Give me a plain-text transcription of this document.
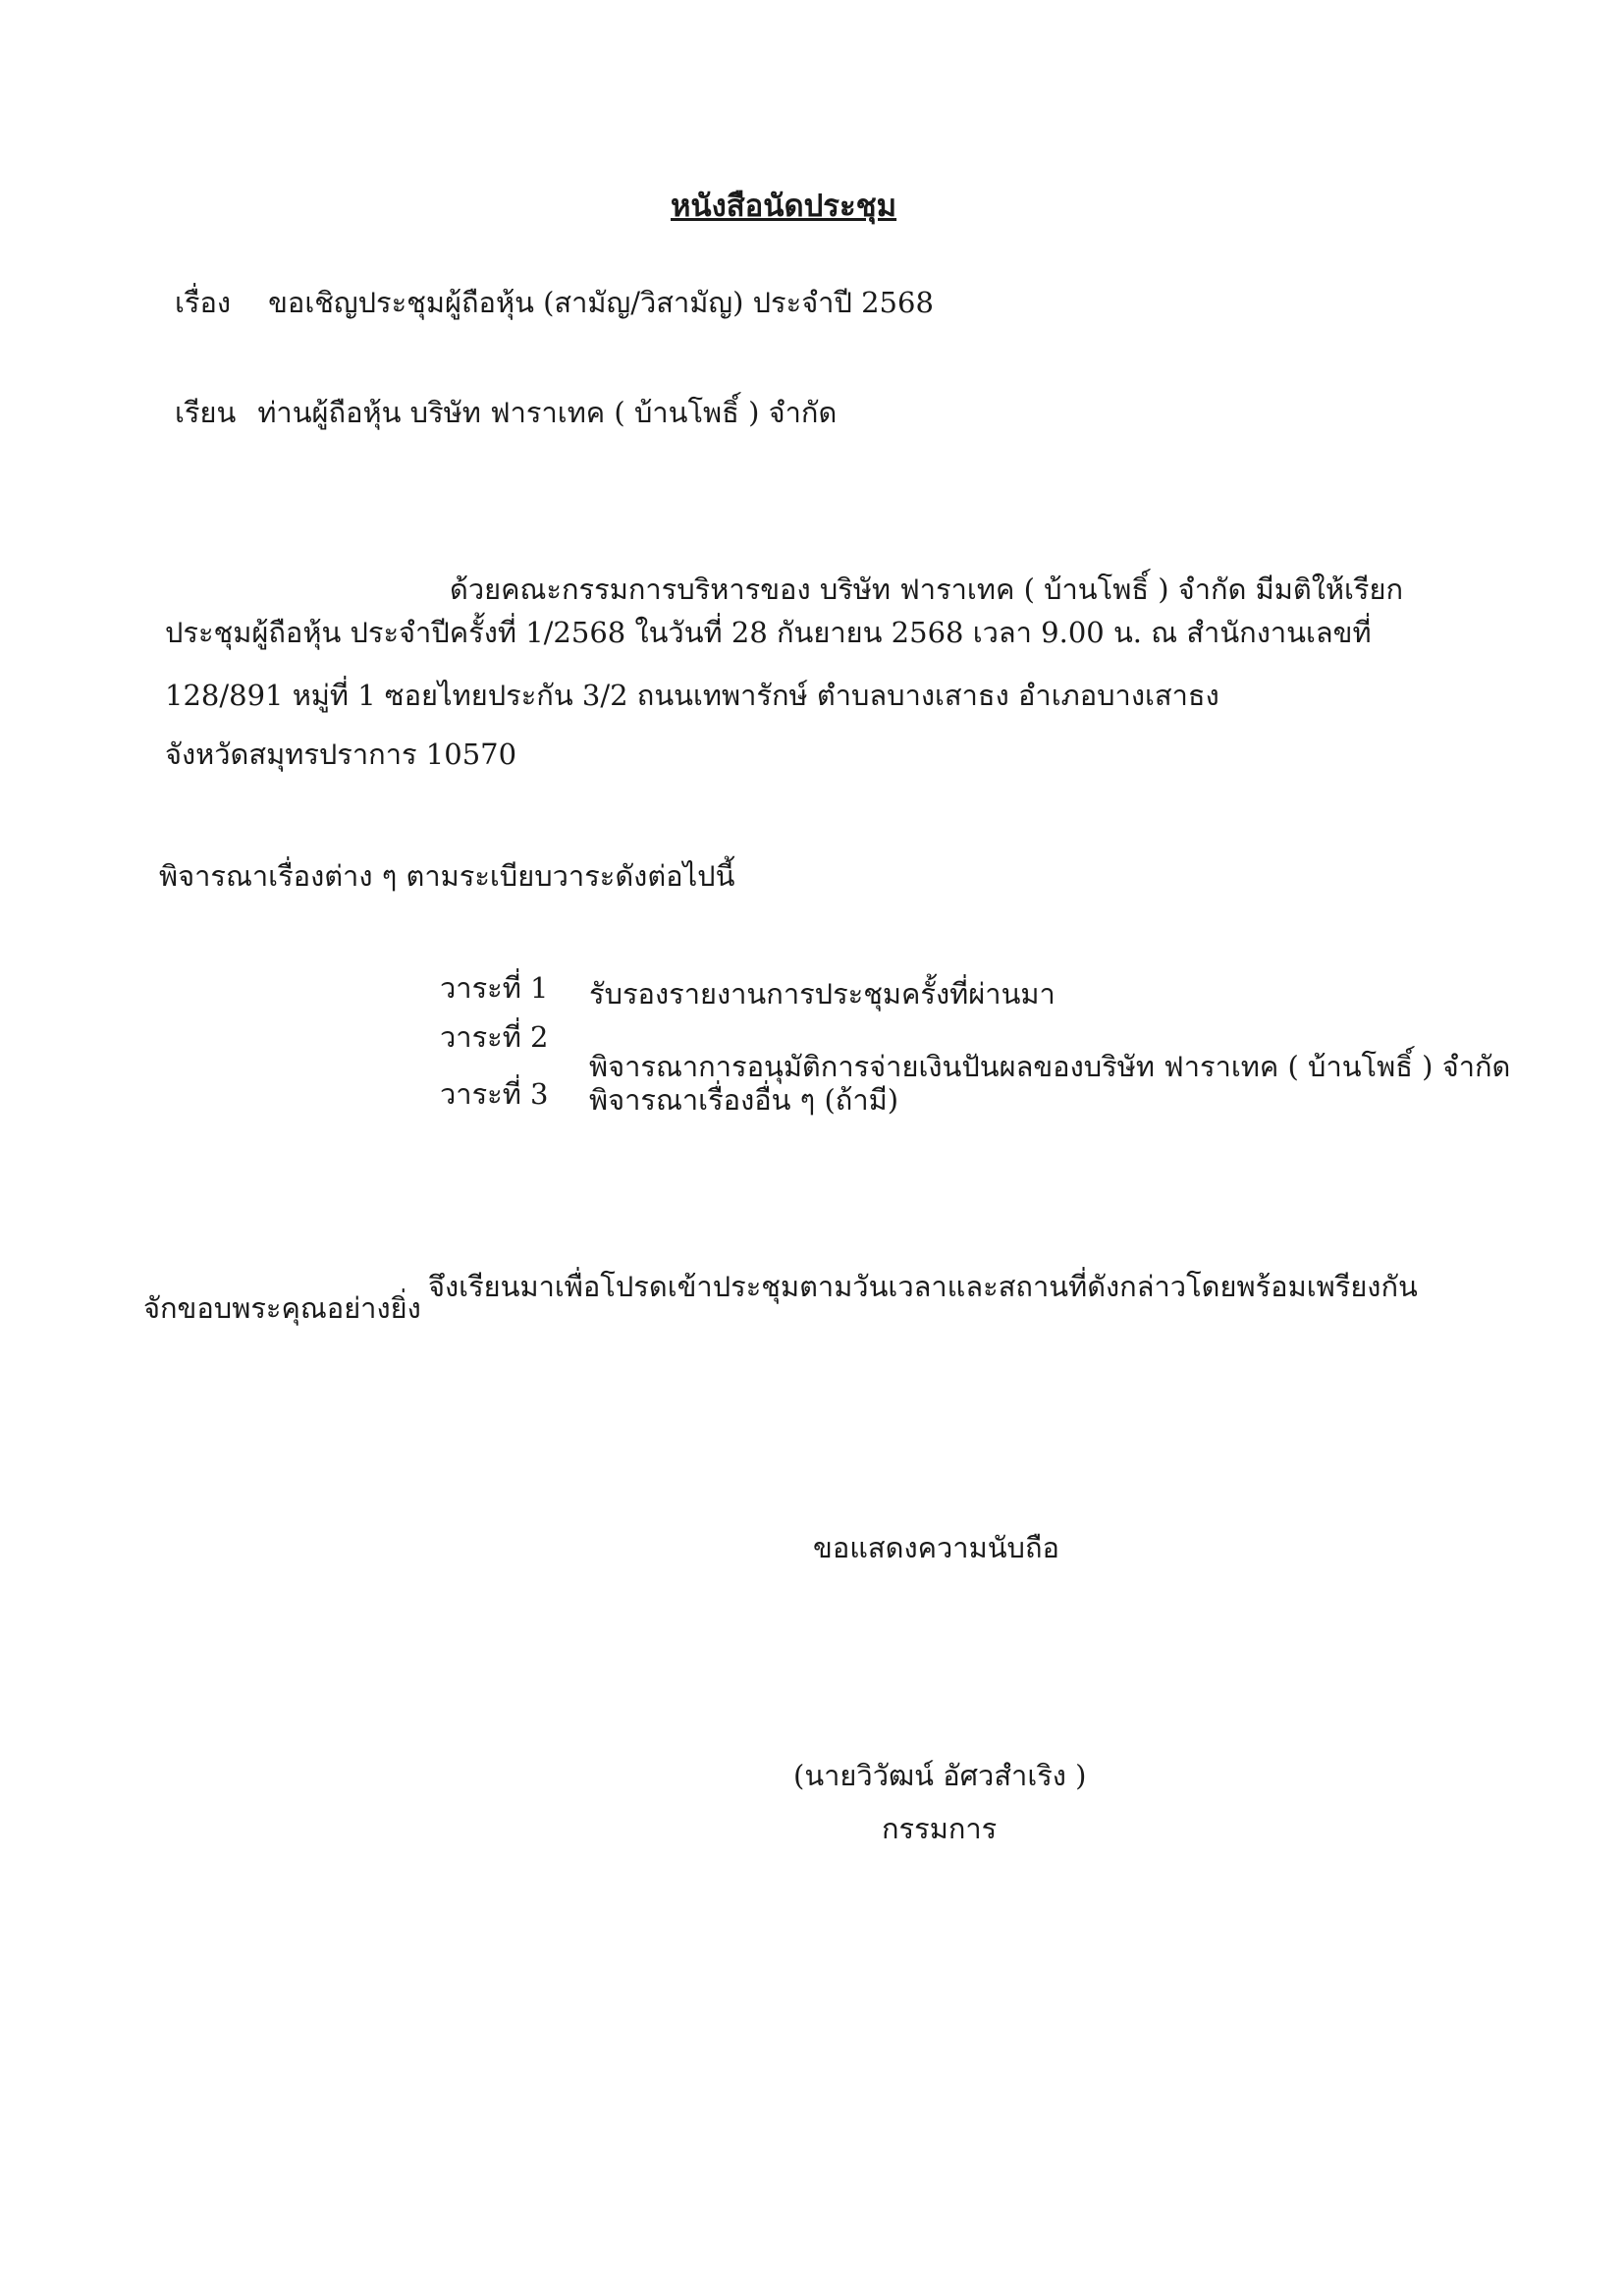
หนังสือนัดประชุม
เรื่อง ขอเชิญประชุมผู้ถือหุ้น (สามัญ/วิสามัญ) ประจำปี 2568
เรียน ท่านผู้ถือหุ้น บริษัท ฟาราเทค ( บ้านโพธิ์ ) จำกัด
ด้วยคณะกรรมการบริหารของ บริษัท ฟาราเทค ( บ้านโพธิ์ ) จำกัด มีมติให้เรียก
ประชุมผู้ถือหุ้น ประจำปีครั้งที่ 1/2568 ในวันที่ 28 กันยายน 2568 เวลา 9.00 น. ณ สำนักงานเลขที่
128/891 หมู่ที่ 1 ซอยไทยประกัน 3/2 ถนนเทพารักษ์ ตำบลบางเสาธง อำเภอบางเสาธง
จังหวัดสมุทรปราการ 10570
พิจารณาเรื่องต่าง ๆ ตามระเบียบวาระดังต่อไปนี้
วาระที่ 1 รับรองรายงานการประชุมครั้งที่ผ่านมา
วาระที่ 2
พิจารณาการอนุมัติการจ่ายเงินปันผลของบริษัท ฟาราเทค ( บ้านโพธิ์ ) จำกัด
วาระที่ 3 พิจารณาเรื่องอื่น ๆ (ถ้ามี)
จึงเรียนมาเพื่อโปรดเข้าประชุมตามวันเวลาและสถานที่ดังกล่าวโดยพร้อมเพรียงกัน
จักขอบพระคุณอย่างยิ่ง
ขอแสดงความนับถือ
(นายวิวัฒน์ อัศวสำเริง )
กรรมการ
